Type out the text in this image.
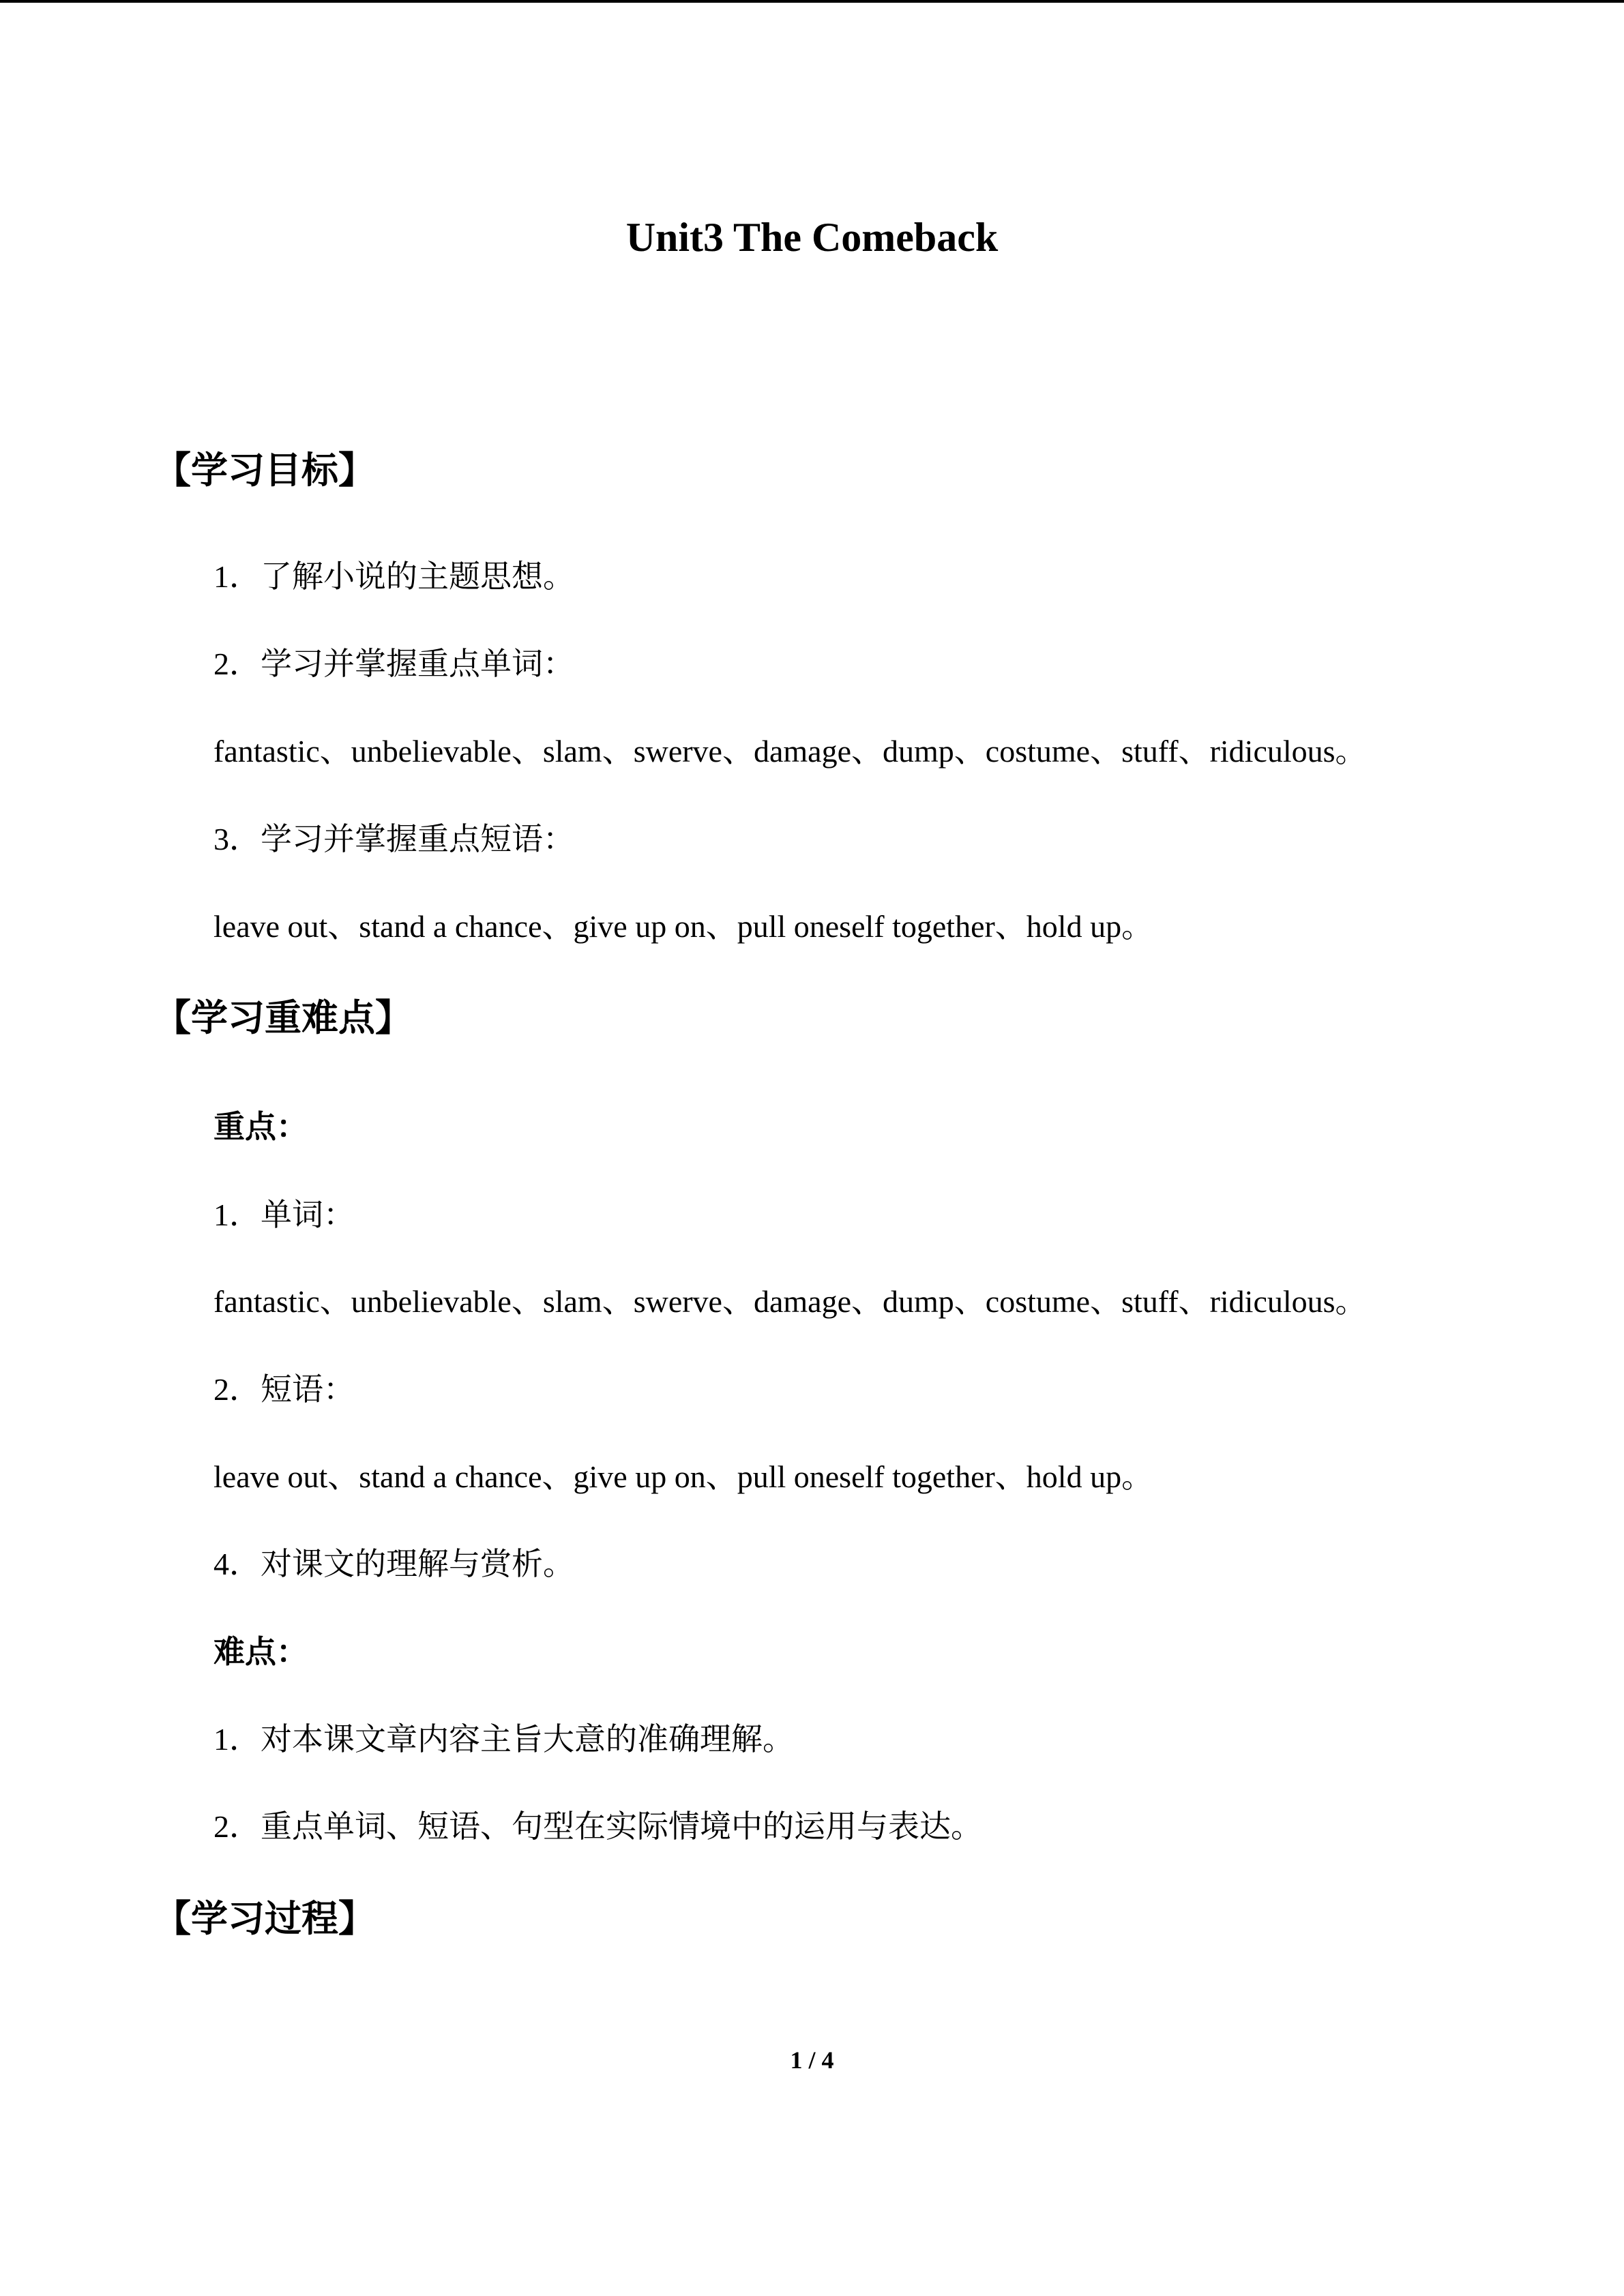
Unit3 The Comeback
【学习目标】
1．了解小说的主题思想。
2．学习并掌握重点单词：
fantastic、unbelievable、slam、swerve、damage、dump、costume、stuff、ridiculous。
3．学习并掌握重点短语：
leave out、stand a chance、give up on、pull oneself together、hold up。
【学习重难点】
重点：
1．单词：
fantastic、unbelievable、slam、swerve、damage、dump、costume、stuff、ridiculous。
2．短语：
leave out、stand a chance、give up on、pull oneself together、hold up。
4．对课文的理解与赏析。
难点：
1．对本课文章内容主旨大意的准确理解。
2．重点单词、短语、句型在实际情境中的运用与表达。
【学习过程】
1 / 4
